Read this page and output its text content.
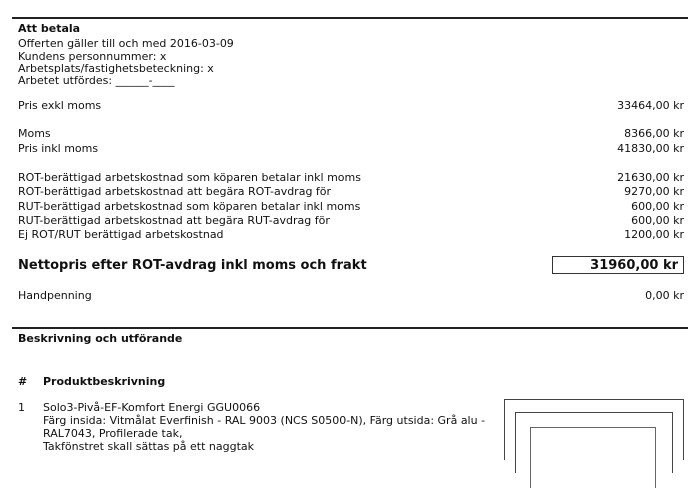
Att betala
Offerten gäller till och med 2016-03-09
Kundens personnummer: x
Arbetsplats/fastighetsbeteckning: x
Arbetet utfördes: ______-____
Pris exkl moms	33464,00 kr
Moms	8366,00 kr
Pris inkl moms	41830,00 kr
ROT-berättigad arbetskostnad som köparen betalar inkl moms	21630,00 kr
ROT-berättigad arbetskostnad att begära ROT-avdrag för	9270,00 kr
RUT-berättigad arbetskostnad som köparen betalar inkl moms	600,00 kr
RUT-berättigad arbetskostnad att begära RUT-avdrag för	600,00 kr
Ej ROT/RUT berättigad arbetskostnad	1200,00 kr
Nettopris efter ROT-avdrag inkl moms och frakt	31960,00 kr
Handpenning	0,00 kr
Beskrivning och utförande
# Produktbeskrivning
1 Solo3-Pivå-EF-Komfort Energi GGU0066
Färg insida: Vitmålat Everfinish - RAL 9003 (NCS S0500-N), Färg utsida: Grå alu -
RAL7043, Profilerade tak,
Takfönstret skall sättas på ett naggtak
